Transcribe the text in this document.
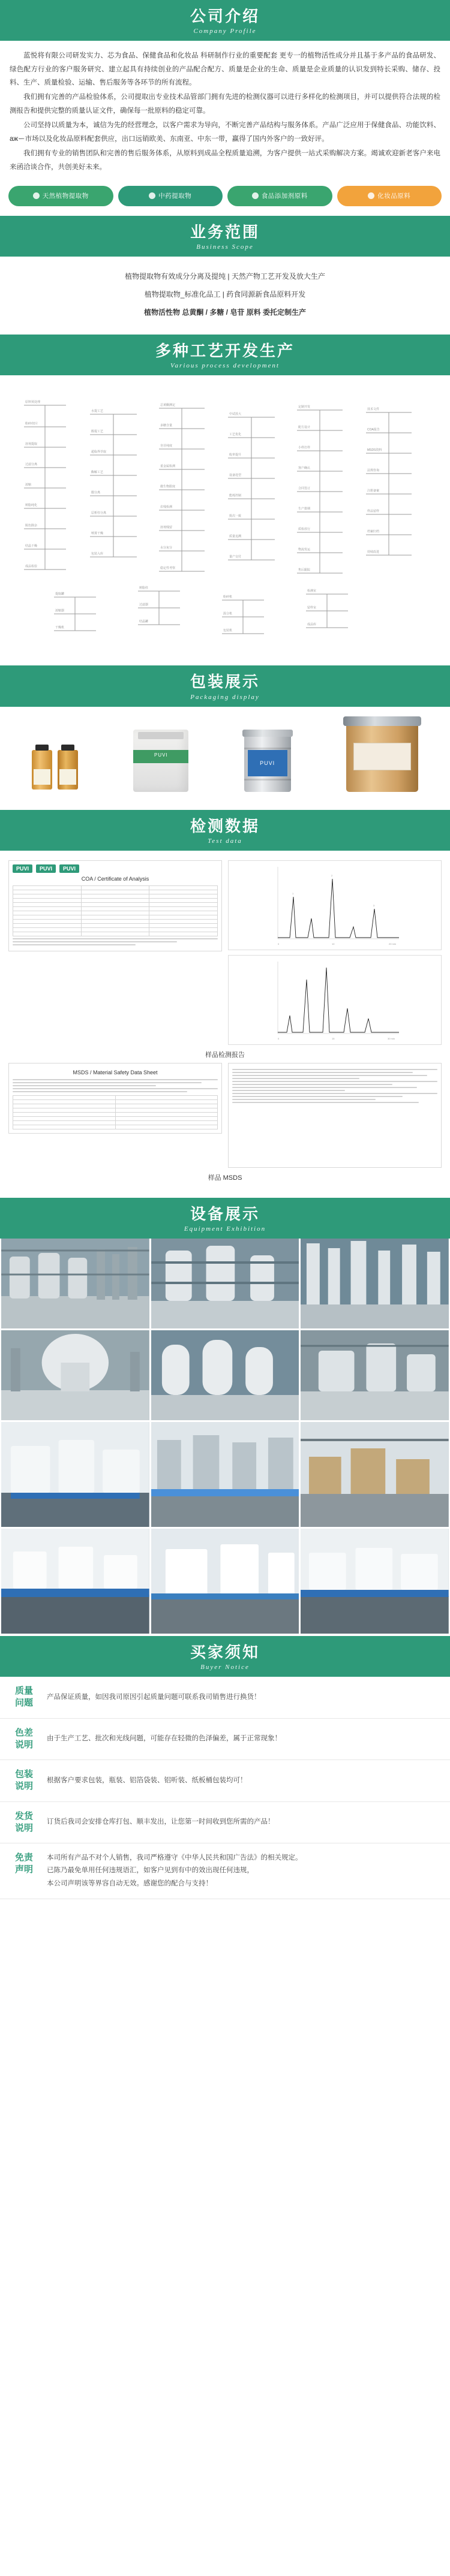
公司介绍
Company Profile

蓝悦将有限公司研发实力、芯为食品、保健食品和化妆品 科研制作行业的重要配套 更专一的植物活性成分并且基于多产品的食品研发、绿色配方行业的客户服务研究、建立起具有持续创业的产品配合配方、质量是企业的生命、质量是企业质量的认识发到特长采购、储存、投料、生产、质量检验、运输、售后服务等各环节的所有流程。

我们拥有完善的产品检验体系，公司提取出专业技术品管部门拥有先进的检测仪器可以进行多样化的检测项目，并可以提供符合法规的检测报告和提供完整的质量认证文件，确保每一批原料的稳定可靠。

公司坚持以质量为本，诚信为先的经营理念，以客户需求为导向，不断完善产品结构与服务体系。产品广泛应用于保健食品、功能饮料、ажー市场以及化妆品原料配套供应，出口远销欧美、东南亚、中东一带，赢得了国内外客户的一致好评。

我们拥有专业的销售团队和完善的售后服务体系，从原料到成品全程质量追溯，为客户提供一站式采购解决方案。竭诚欢迎新老客户来电来函洽谈合作，共创美好未来。

天然植物提取物	中药提取物	食品添加剂原料	化妆品原料
业务范围
Business Scope
植物提取物有效成分分离及提纯 | 天然产物工艺开发及放大生产
植物提取物_标准化品工 | 药食同源新食品原料开发
植物活性物 总黄酮 / 多糖 / 皂苷 原料 委托定制生产
多种工艺开发生产
Various process development
原料预处理
粉碎/切片
溶剂提取
过滤分离
浓缩
树脂纯化
脱色除杂
结晶干燥
成品检验
水提工艺
醇提工艺
超临界萃取
酶解工艺
膜分离
层析柱分离
喷雾干燥
包装入库
总黄酮测定
多糖含量
皂苷纯度
重金属检测
微生物限度
农残检测
溶剂残留
水分灰分
稳定性考察
中试放大
工艺优化
收率提升
设备选型
能耗控制
批次一致
质量追溯
量产交付
定制开发
配方设计
小样打样
客户确认
合同签订
生产排期
质检放行
物流发运
售后跟踪
技术文件
COA报告
MSDS资料
法规咨询
注册备案
样品留样
档案归档
持续改进
提取罐
浓缩器
干燥机
树脂柱
过滤器
结晶罐
粉碎机
混合机
包装机
检测室
留样室
成品库
包装展示
Packaging display
PUVI
PUVI
检测数据
Test data
PUVI	PUVI	PUVI
COA / Certificate of Analysis

1
2
3
0	10	20 min
0	15	30 min
样品检测报告
MSDS / Material Safety Data Sheet

样品 MSDS
设备展示
Equipment Exhibition
买家须知
Buyer Notice
质量
问题
产品保证质量，如因我司原因引起质量问题可联系我司销售进行换货！
色差
说明
由于生产工艺、批次和光线问题，可能存在轻微的色泽偏差，属于正常现象！
包装
说明
根据客户要求包装，瓶装、铝箔袋装、铝听装、纸板桶包装均可！
发货
说明
订货后我司会安排仓库打包、顺丰发出，让您第一时间收到您所需的产品！
免责
声明

本司所有产品不对个人销售，我司严格遵守《中华人民共和国广告法》的相关规定。

已陈乃最免单用任何违规语汇，如客户见到有中的效出现任何违规，

本公司声明该等界容自动无效。感谢您的配合与支持！
